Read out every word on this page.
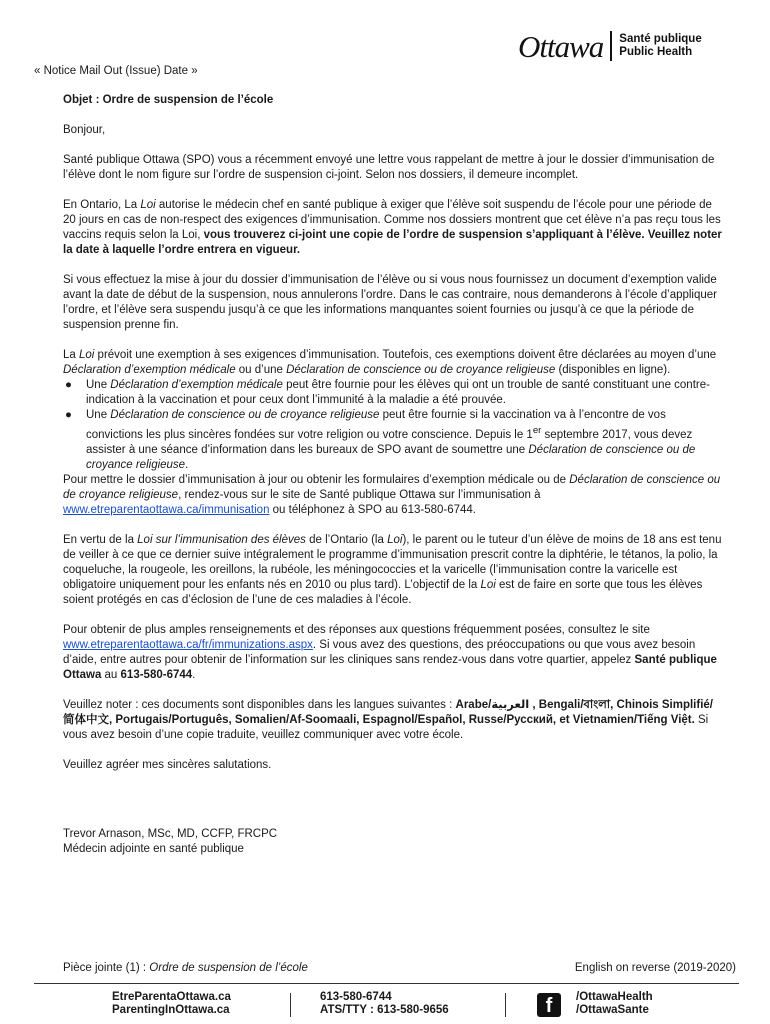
Ottawa Santé publique
Public Health
« Notice Mail Out (Issue) Date »

Objet : Ordre de suspension de l’école

Bonjour,

Santé publique Ottawa (SPO) vous a récemment envoyé une lettre vous rappelant de mettre à jour le dossier d’immunisation de l’élève dont le nom figure sur l’ordre de suspension ci-joint. Selon nos dossiers, il demeure incomplet.

En Ontario, La Loi autorise le médecin chef en santé publique à exiger que l’élève soit suspendu de l’école pour une période de 20 jours en cas de non-respect des exigences d’immunisation. Comme nos dossiers montrent que cet élève n’a pas reçu tous les vaccins requis selon la Loi, vous trouverez ci-joint une copie de l’ordre de suspension s’appliquant à l’élève. Veuillez noter la date à laquelle l’ordre entrera en vigueur.

Si vous effectuez la mise à jour du dossier d’immunisation de l’élève ou si vous nous fournissez un document d’exemption valide avant la date de début de la suspension, nous annulerons l’ordre. Dans le cas contraire, nous demanderons à l’école d’appliquer l’ordre, et l’élève sera suspendu jusqu’à ce que les informations manquantes soient fournies ou jusqu’à ce que la période de suspension prenne fin.

La Loi prévoit une exemption à ses exigences d’immunisation. Toutefois, ces exemptions doivent être déclarées au moyen d’une Déclaration d’exemption médicale ou d’une Déclaration de conscience ou de croyance religieuse (disponibles en ligne).

● Une Déclaration d’exemption médicale peut être fournie pour les élèves qui ont un trouble de santé constituant une contre-indication à la vaccination et pour ceux dont l’immunité à la maladie a été prouvée.
● Une Déclaration de conscience ou de croyance religieuse peut être fournie si la vaccination va à l’encontre de vos convictions les plus sincères fondées sur votre religion ou votre conscience. Depuis le 1er septembre 2017, vous devez assister à une séance d’information dans les bureaux de SPO avant de soumettre une Déclaration de conscience ou de croyance religieuse.

Pour mettre le dossier d’immunisation à jour ou obtenir les formulaires d’exemption médicale ou de Déclaration de conscience ou de croyance religieuse, rendez-vous sur le site de Santé publique Ottawa sur l’immunisation à www.etreparentaottawa.ca/immunisation ou téléphonez à SPO au 613-580-6744.

En vertu de la Loi sur l’immunisation des élèves de l’Ontario (la Loi), le parent ou le tuteur d’un élève de moins de 18 ans est tenu de veiller à ce que ce dernier suive intégralement le programme d’immunisation prescrit contre la diphtérie, le tétanos, la polio, la coqueluche, la rougeole, les oreillons, la rubéole, les méningococcies et la varicelle (l’immunisation contre la varicelle est obligatoire uniquement pour les enfants nés en 2010 ou plus tard). L’objectif de la Loi est de faire en sorte que tous les élèves soient protégés en cas d’éclosion de l’une de ces maladies à l’école.

Pour obtenir de plus amples renseignements et des réponses aux questions fréquemment posées, consultez le site www.etreparentaottawa.ca/fr/immunizations.aspx. Si vous avez des questions, des préoccupations ou que vous avez besoin d’aide, entre autres pour obtenir de l’information sur les cliniques sans rendez-vous dans votre quartier, appelez Santé publique Ottawa au 613-580-6744.

Veuillez noter : ces documents sont disponibles dans les langues suivantes : Arabe/العربية , Bengali/বাংলা, Chinois Simplifié/简体中文, Portugais/Português, Somalien/Af-Soomaali, Espagnol/Español, Russe/Русский, et Vietnamien/Tiếng Việt. Si vous avez besoin d’une copie traduite, veuillez communiquer avec votre école.

Veuillez agréer mes sincères salutations.

Trevor Arnason, MSc, MD, CCFP, FRCPC
Médecin adjointe en santé publique
Pièce jointe (1) : Ordre de suspension de l’école	English on reverse (2019-2020)
EtreParentaOttawa.ca
ParentingInOttawa.ca
613-580-6744
ATS/TTY : 613-580-9656	f	/OttawaHealth
/OttawaSante
